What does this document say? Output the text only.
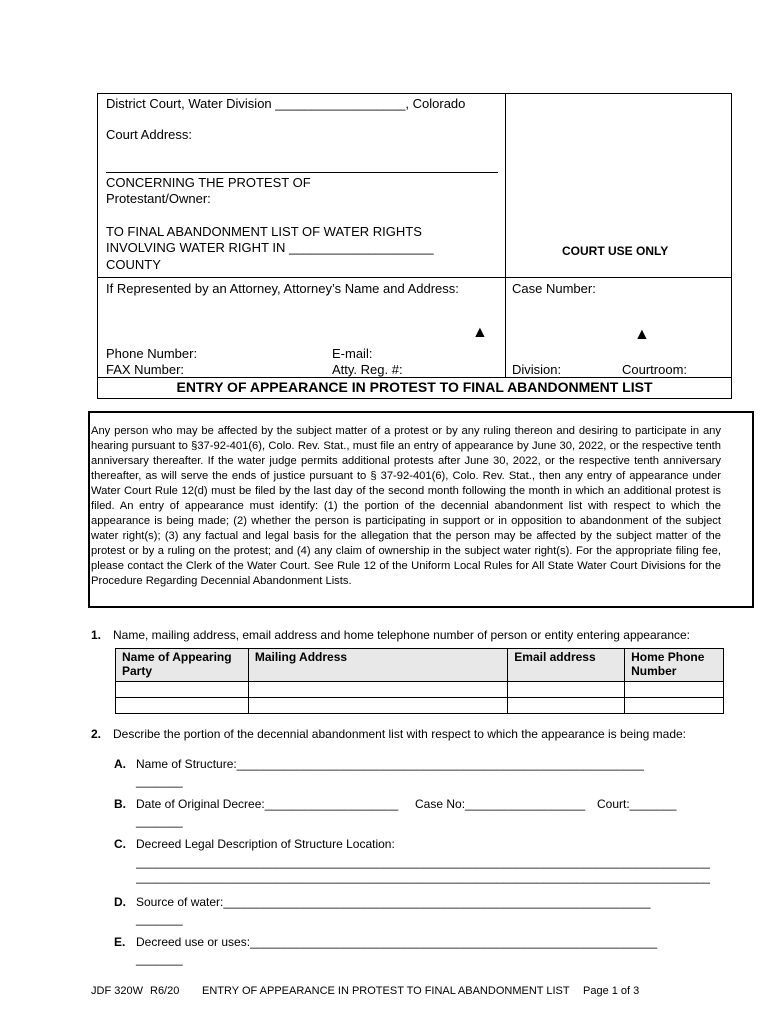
District Court, Water Division __________________, Colorado
Court Address:
CONCERNING THE PROTEST OF
Protestant/Owner:
TO FINAL ABANDONMENT LIST OF WATER RIGHTS
INVOLVING WATER RIGHT IN ____________________
COUNTY
COURT USE ONLY
If Represented by an Attorney, Attorney’s Name and Address:	Case Number:
▲	▲
Phone Number:	E-mail:
FAX Number:	Atty. Reg. #:	Division:	Courtroom:
ENTRY OF APPEARANCE IN PROTEST TO FINAL ABANDONMENT LIST
Any person who may be affected by the subject matter of a protest or by any ruling thereon and desiring to participate in any hearing pursuant to §37-92-401(6), Colo. Rev. Stat., must file an entry of appearance by June 30, 2022, or the respective tenth anniversary thereafter. If the water judge permits additional protests after June 30, 2022, or the respective tenth anniversary thereafter, as will serve the ends of justice pursuant to § 37-92-401(6), Colo. Rev. Stat., then any entry of appearance under Water Court Rule 12(d) must be filed by the last day of the second month following the month in which an additional protest is filed. An entry of appearance must identify: (1) the portion of the decennial abandonment list with respect to which the appearance is being made; (2) whether the person is participating in support or in opposition to abandonment of the subject water right(s); (3) any factual and legal basis for the allegation that the person may be affected by the subject matter of the protest or by a ruling on the protest; and (4) any claim of ownership in the subject water right(s). For the appropriate filing fee, please contact the Clerk of the Water Court. See Rule 12 of the Uniform Local Rules for All State Water Court Divisions for the Procedure Regarding Decennial Abandonment Lists.
1. Name, mailing address, email address and home telephone number of person or entity entering appearance:
Name of Appearing Party	Mailing Address	Email address	Home Phone Number

2. Describe the portion of the decennial abandonment list with respect to which the appearance is being made:
A. Name of Structure:_____________________________________________________________
_______
B. Date of Original Decree:____________________ Case No:__________________ Court:_______
_______
C. Decreed Legal Description of Structure Location:
______________________________________________________________________________________
______________________________________________________________________________________
D. Source of water:________________________________________________________________
_______
E. Decreed use or uses:_____________________________________________________________
_______
JDF 320W R6/20 ENTRY OF APPEARANCE IN PROTEST TO FINAL ABANDONMENT LIST Page 1 of 3
